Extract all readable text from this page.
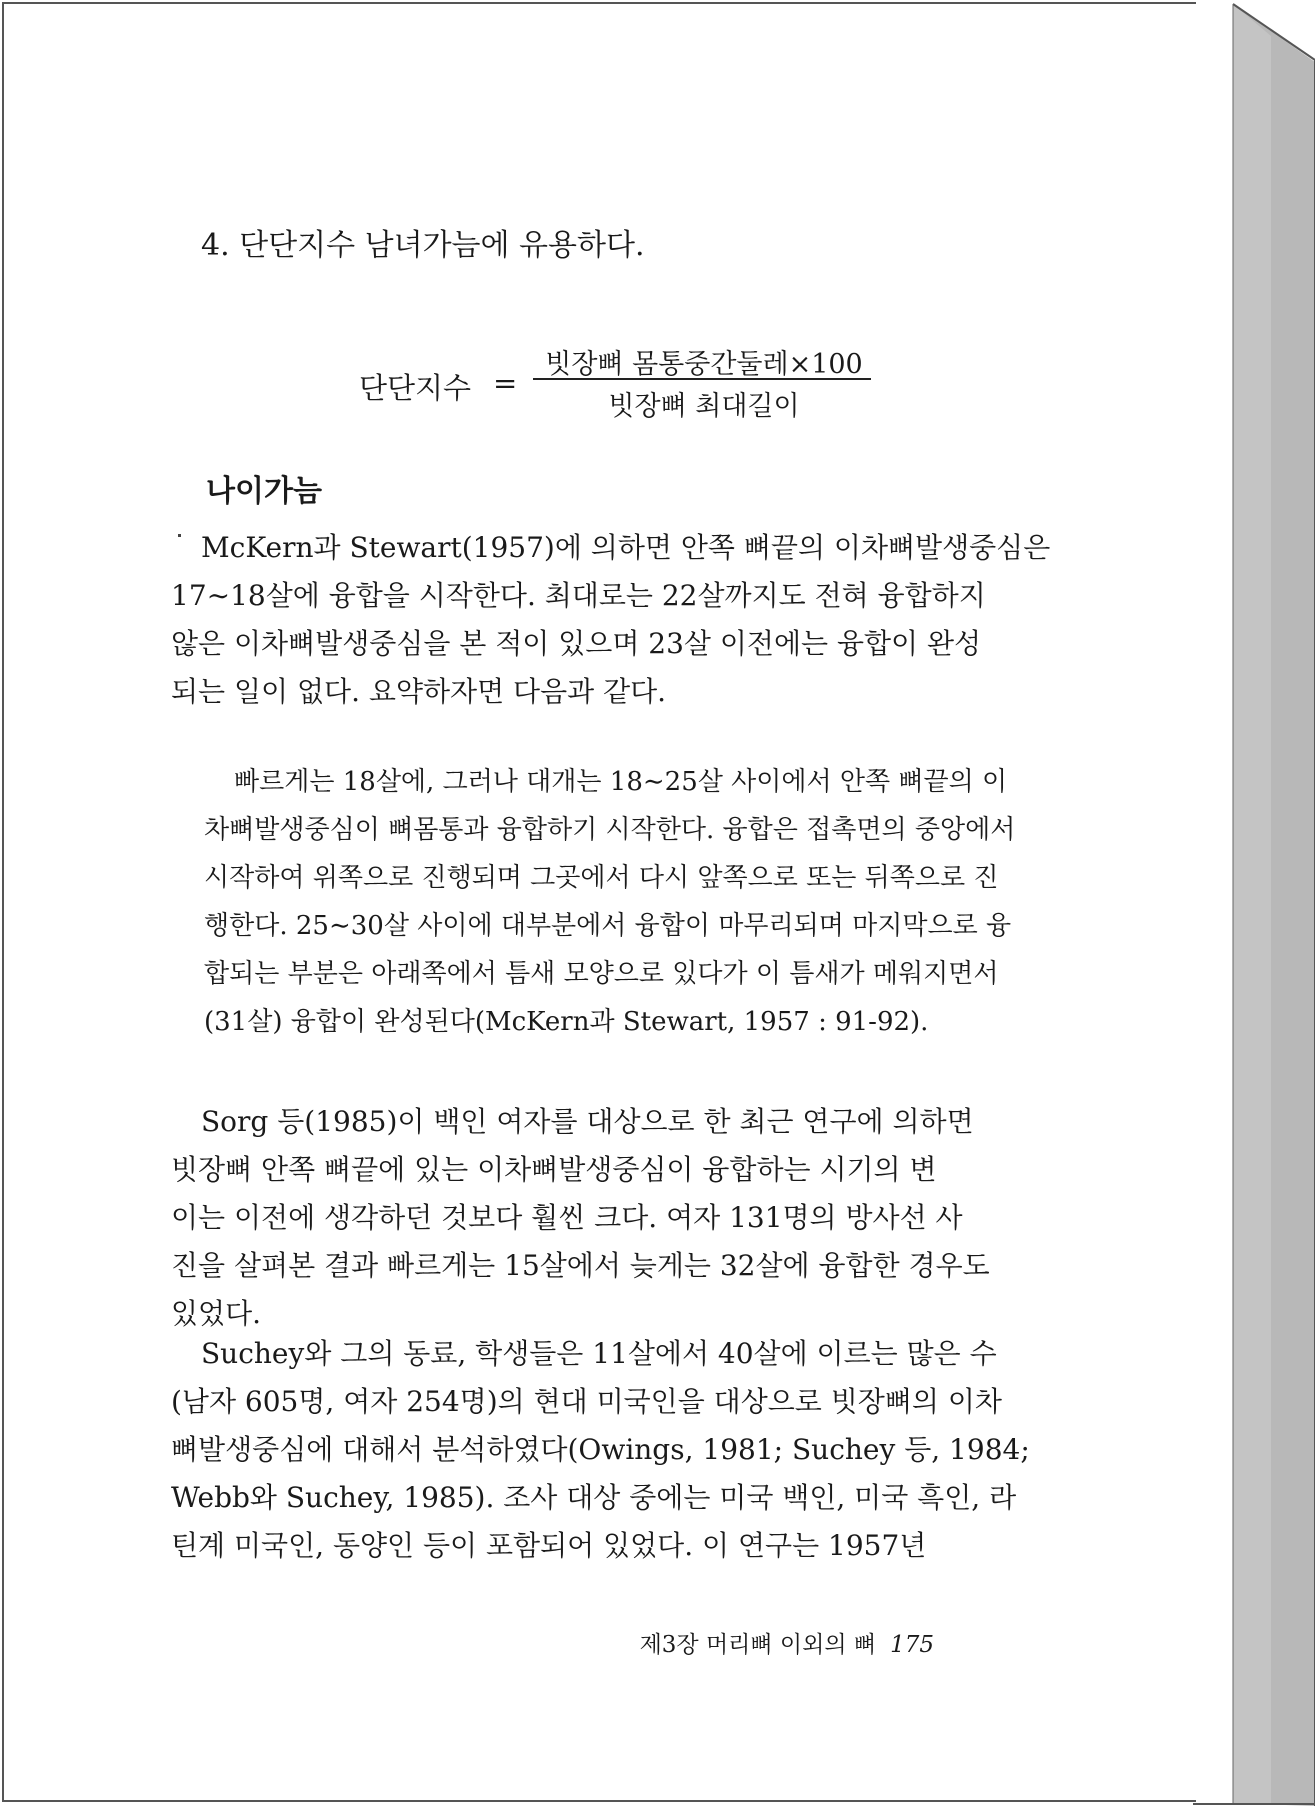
4. 단단지수 남녀가늠에 유용하다.
단단지수 =
빗장뼈 몸통중간둘레×100
빗장뼈 최대길이
나이가늠
McKern과 Stewart(1957)에 의하면 안쪽 뼈끝의 이차뼈발생중심은
17∼18살에 융합을 시작한다. 최대로는 22살까지도 전혀 융합하지
않은 이차뼈발생중심을 본 적이 있으며 23살 이전에는 융합이 완성
되는 일이 없다. 요약하자면 다음과 같다.
빠르게는 18살에, 그러나 대개는 18∼25살 사이에서 안쪽 뼈끝의 이
차뼈발생중심이 뼈몸통과 융합하기 시작한다. 융합은 접촉면의 중앙에서
시작하여 위쪽으로 진행되며 그곳에서 다시 앞쪽으로 또는 뒤쪽으로 진
행한다. 25∼30살 사이에 대부분에서 융합이 마무리되며 마지막으로 융
합되는 부분은 아래쪽에서 틈새 모양으로 있다가 이 틈새가 메워지면서
(31살) 융합이 완성된다(McKern과 Stewart, 1957 : 91-92).
Sorg 등(1985)이 백인 여자를 대상으로 한 최근 연구에 의하면
빗장뼈 안쪽 뼈끝에 있는 이차뼈발생중심이 융합하는 시기의 변
이는 이전에 생각하던 것보다 훨씬 크다. 여자 131명의 방사선 사
진을 살펴본 결과 빠르게는 15살에서 늦게는 32살에 융합한 경우도
있었다.
Suchey와 그의 동료, 학생들은 11살에서 40살에 이르는 많은 수
(남자 605명, 여자 254명)의 현대 미국인을 대상으로 빗장뼈의 이차
뼈발생중심에 대해서 분석하였다(Owings, 1981; Suchey 등, 1984;
Webb와 Suchey, 1985). 조사 대상 중에는 미국 백인, 미국 흑인, 라
틴계 미국인, 동양인 등이 포함되어 있었다. 이 연구는 1957년
제3장 머리뼈 이외의 뼈 175
